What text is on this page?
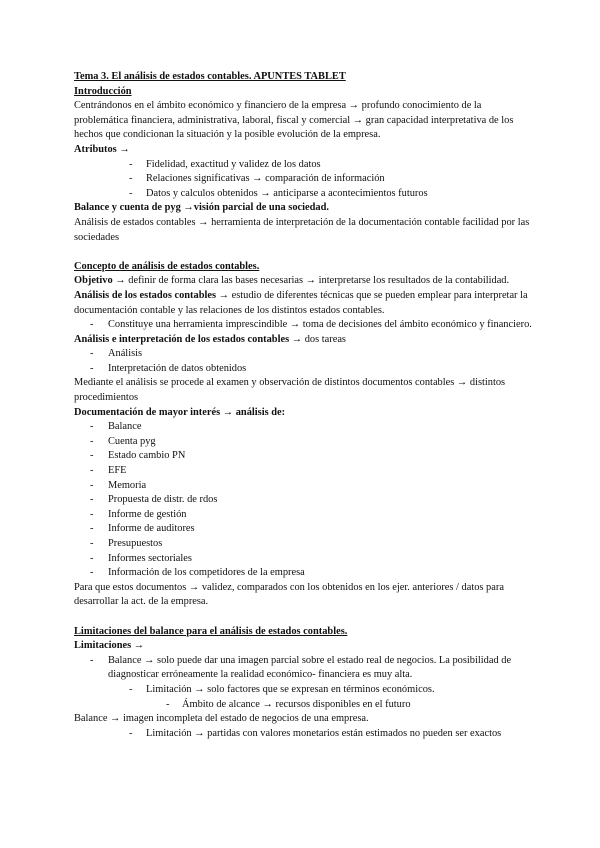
Tema 3. El análisis de estados contables. APUNTES TABLET

Introducción

Centrándonos en el ámbito económico y financiero de la empresa → profundo conocimiento de la problemática financiera, administrativa, laboral, fiscal y comercial → gran capacidad interpretativa de los hechos que condicionan la situación y la posible evolución de la empresa.

Atributos →

- Fidelidad, exactitud y validez de los datos
- Relaciones significativas → comparación de información
- Datos y calculos obtenidos → anticiparse a acontecimientos futuros

Balance y cuenta de pyg →visión parcial de una sociedad.

Análisis de estados contables → herramienta de interpretación de la documentación contable facilidad por las sociedades

Concepto de análisis de estados contables.

Objetivo → definir de forma clara las bases necesarias → interpretarse los resultados de la contabilidad.

Análisis de los estados contables → estudio de diferentes técnicas que se pueden emplear para interpretar la documentación contable y las relaciones de los distintos estados contables.

- Constituye una herramienta imprescindible → toma de decisiones del ámbito económico y financiero.

Análisis e interpretación de los estados contables → dos tareas

- Análisis
- Interpretación de datos obtenidos

Mediante el análisis se procede al examen y observación de distintos documentos contables → distintos procedimientos

Documentación de mayor interés → análisis de:

- Balance
- Cuenta pyg
- Estado cambio PN
- EFE
- Memoria
- Propuesta de distr. de rdos
- Informe de gestión
- Informe de auditores
- Presupuestos
- Informes sectoriales
- Información de los competidores de la empresa

Para que estos documentos → validez, comparados con los obtenidos en los ejer. anteriores / datos para desarrollar la act. de la empresa.

Limitaciones del balance para el análisis de estados contables.

Limitaciones →

- Balance → solo puede dar una imagen parcial sobre el estado real de negocios. La posibilidad de diagnosticar erróneamente la realidad económico- financiera es muy alta.
- Limitación → solo factores que se expresan en términos económicos.
- Ámbito de alcance → recursos disponibles en el futuro

Balance → imagen incompleta del estado de negocios de una empresa.

- Limitación → partidas con valores monetarios están estimados no pueden ser exactos
